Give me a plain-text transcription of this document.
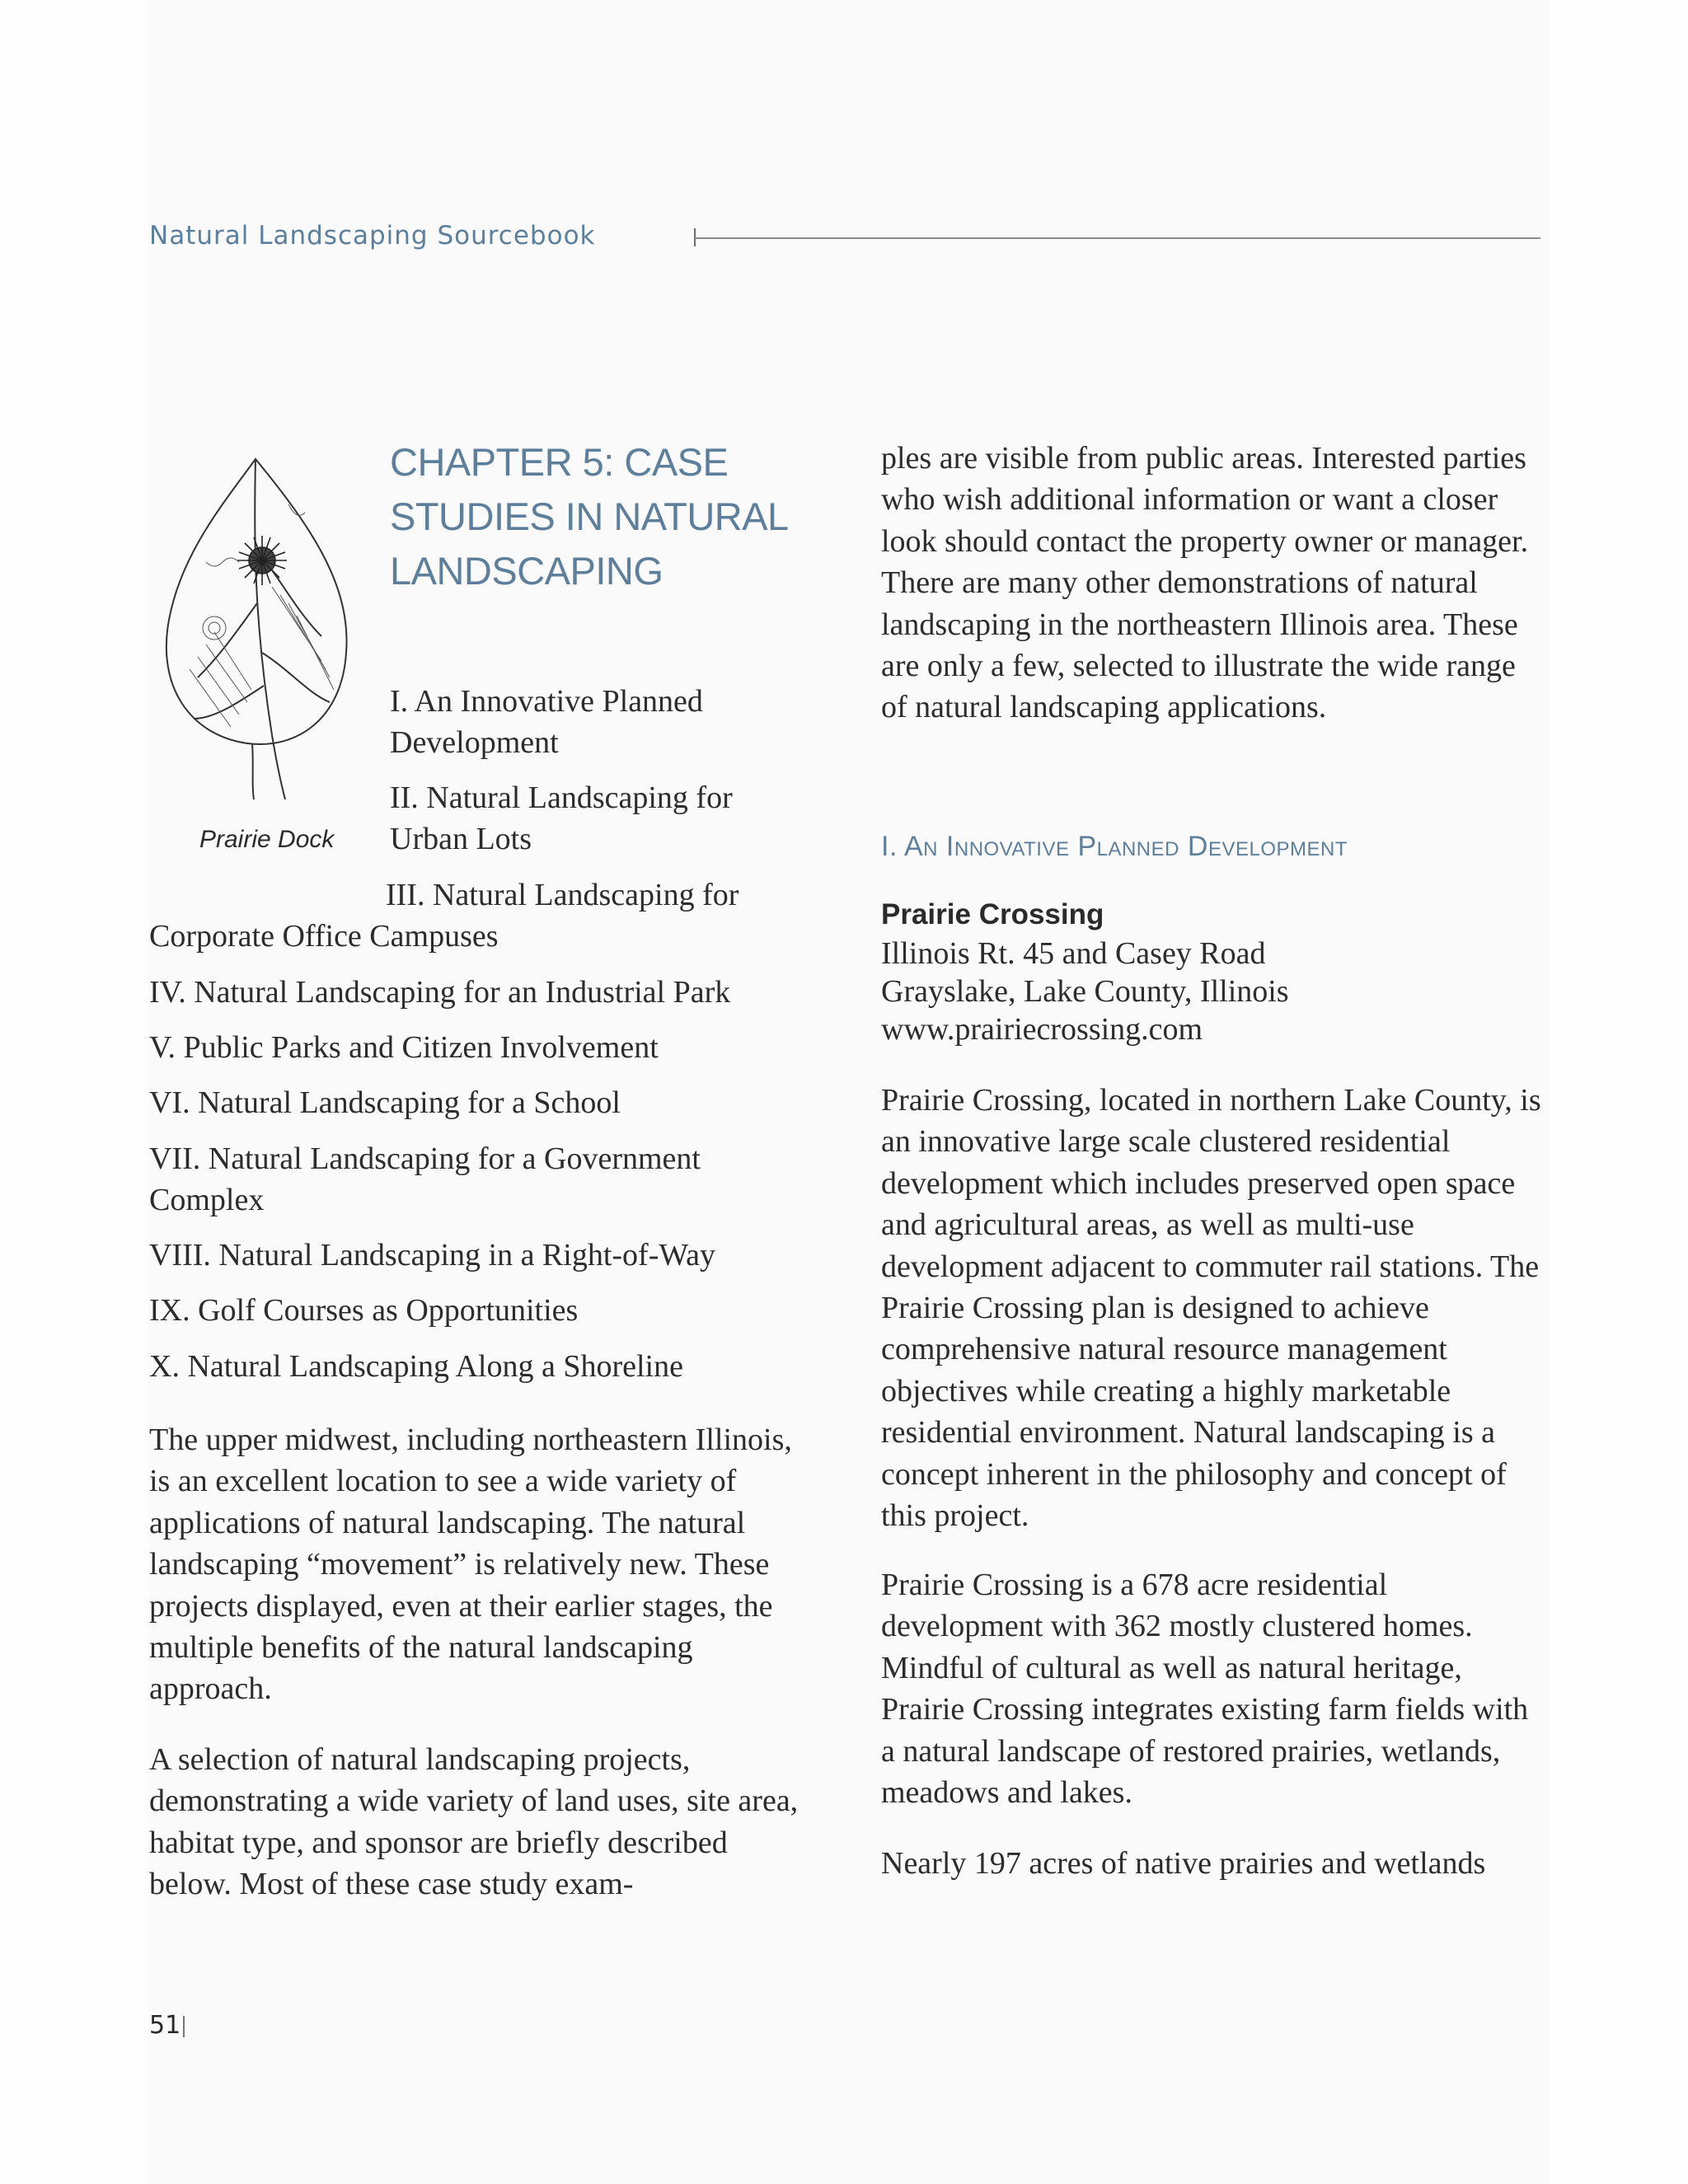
Natural Landscaping Sourcebook
Prairie Dock
CHAPTER 5: CASE STUDIES IN NATURAL LANDSCAPING
I. An Innovative Planned
Development
II. Natural Landscaping for
Urban Lots
III. Natural Landscaping for
Corporate Office Campuses
IV. Natural Landscaping for an Industrial Park
V. Public Parks and Citizen Involvement
VI. Natural Landscaping for a School
VII. Natural Landscaping for a Government
Complex
VIII. Natural Landscaping in a Right-of-Way
IX. Golf Courses as Opportunities
X. Natural Landscaping Along a Shoreline

The upper midwest, including northeastern Illinois, is an excellent location to see a wide variety of applications of natural landscaping. The natural landscaping “movement” is relatively new. These projects displayed, even at their earlier stages, the multiple benefits of the natural landscaping approach.

A selection of natural landscaping projects, demonstrating a wide variety of land uses, site area, habitat type, and sponsor are briefly described below. Most of these case study exam-

ples are visible from public areas. Interested parties who wish additional information or want a closer look should contact the property owner or manager. There are many other demonstrations of natural landscaping in the northeastern Illinois area. These are only a few, selected to illustrate the wide range of natural landscaping applications.

I. An Innovative Planned Development
Prairie Crossing
Illinois Rt. 45 and Casey Road
Grayslake, Lake County, Illinois
www.prairiecrossing.com

Prairie Crossing, located in northern Lake County, is an innovative large scale clustered residential development which includes preserved open space and agricultural areas, as well as multi-use development adjacent to commuter rail stations. The Prairie Crossing plan is designed to achieve comprehensive natural resource management objectives while creating a highly marketable residential environment. Natural landscaping is a concept inherent in the philosophy and concept of this project.

Prairie Crossing is a 678 acre residential development with 362 mostly clustered homes. Mindful of cultural as well as natural heritage, Prairie Crossing integrates existing farm fields with a natural landscape of restored prairies, wetlands, meadows and lakes.

Nearly 197 acres of native prairies and wetlands

51
